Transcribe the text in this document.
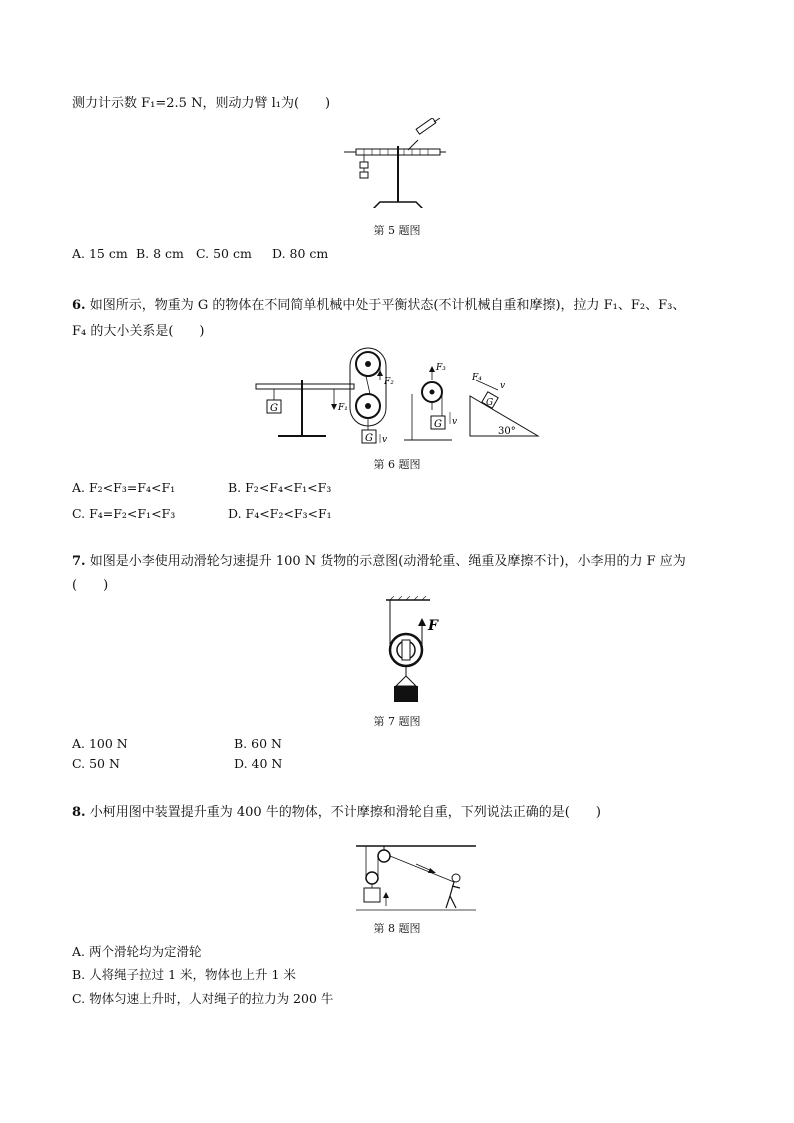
测力计示数 F₁=2.5 N，则动力臂 l₁为(　　)
第 5 题图
A. 15 cm B. 8 cm C. 50 cm D. 80 cm
6. 如图所示，物重为 G 的物体在不同简单机械中处于平衡状态(不计机械自重和摩擦)，拉力 F₁、F₂、F₃、
F₄ 的大小关系是(　　)
G	F₁
F₂
G v
G
F₃
v
G
F₄
v
30°
第 6 题图
A. F₂<F₃=F₄<F₁	B. F₂<F₄<F₁<F₃
C. F₄=F₂<F₁<F₃	D. F₄<F₂<F₃<F₁
7. 如图是小李使用动滑轮匀速提升 100 N 货物的示意图(动滑轮重、绳重及摩擦不计)，小李用的力 F 应为
(　　)
F
第 7 题图
A. 100 N	B. 60 N
C. 50 N	D. 40 N
8. 小柯用图中装置提升重为 400 牛的物体，不计摩擦和滑轮自重，下列说法正确的是(　　)
第 8 题图
A. 两个滑轮均为定滑轮
B. 人将绳子拉过 1 米，物体也上升 1 米
C. 物体匀速上升时，人对绳子的拉力为 200 牛
